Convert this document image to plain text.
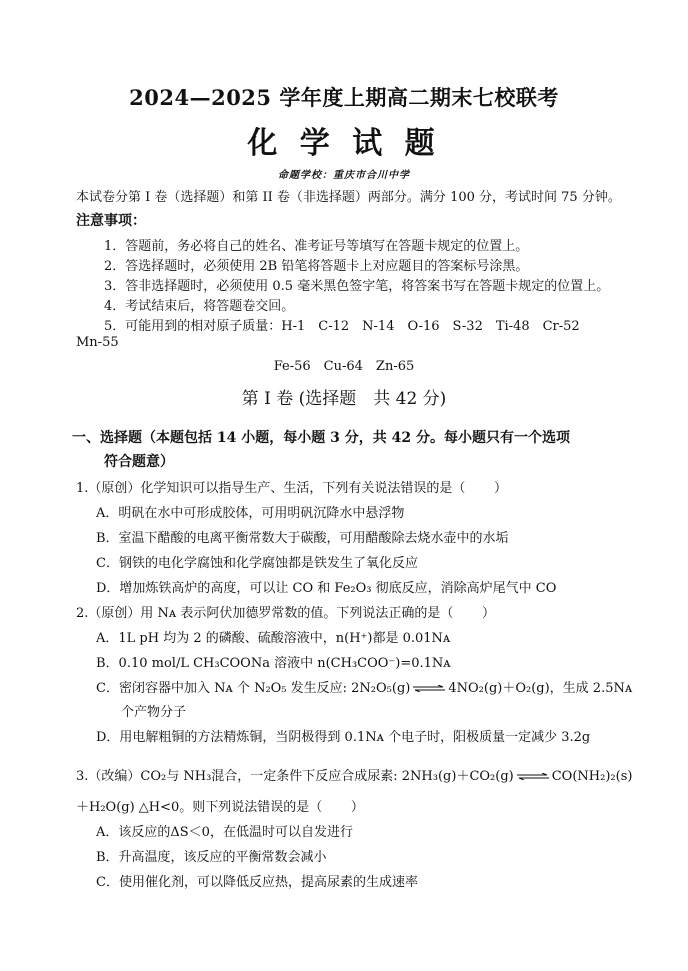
2024—2025 学年度上期高二期末七校联考
化 学 试 题
命题学校：重庆市合川中学
本试卷分第 I 卷（选择题）和第 II 卷（非选择题）两部分。满分 100 分，考试时间 75 分钟。
注意事项：
1．答题前，务必将自己的姓名、准考证号等填写在答题卡规定的位置上。
2．答选择题时，必须使用 2B 铅笔将答题卡上对应题目的答案标号涂黑。
3．答非选择题时，必须使用 0.5 毫米黑色签字笔，将答案书写在答题卡规定的位置上。
4．考试结束后，将答题卷交回。
5．可能用到的相对原子质量：H-1　C-12　N-14　O-16　S-32　Ti-48　Cr-52
Mn-55
Fe-56　Cu-64　Zn-65
第 I 卷 (选择题　共 42 分)
一、选择题（本题包括 14 小题，每小题 3 分，共 42 分。每小题只有一个选项
符合题意）
1.（原创）化学知识可以指导生产、生活，下列有关说法错误的是（ ）
A．明矾在水中可形成胶体，可用明矾沉降水中悬浮物
B．室温下醋酸的电离平衡常数大于碳酸，可用醋酸除去烧水壶中的水垢
C．钢铁的电化学腐蚀和化学腐蚀都是铁发生了氧化反应
D．增加炼铁高炉的高度，可以让 CO 和 Fe₂O₃ 彻底反应，消除高炉尾气中 CO
2.（原创）用 Nᴀ 表示阿伏加德罗常数的值。下列说法正确的是（ ）
A．1L pH 均为 2 的磷酸、硫酸溶液中，n(H⁺)都是 0.01Nᴀ
B．0.10 mol/L CH₃COONa 溶液中 n(CH₃COO⁻)=0.1Nᴀ
C．密闭容器中加入 Nᴀ 个 N₂O₅ 发生反应: 2N₂O₅(g) ⇌ 4NO₂(g)＋O₂(g)，生成 2.5Nᴀ
个产物分子
D．用电解粗铜的方法精炼铜，当阴极得到 0.1Nᴀ 个电子时，阳极质量一定减少 3.2g
3.（改编）CO₂与 NH₃混合，一定条件下反应合成尿素: 2NH₃(g)＋CO₂(g) ⇌ CO(NH₂)₂(s)
＋H₂O(g) △H<0。则下列说法错误的是（ ）
A．该反应的ΔS＜0，在低温时可以自发进行
B．升高温度，该反应的平衡常数会减小
C．使用催化剂，可以降低反应热，提高尿素的生成速率
